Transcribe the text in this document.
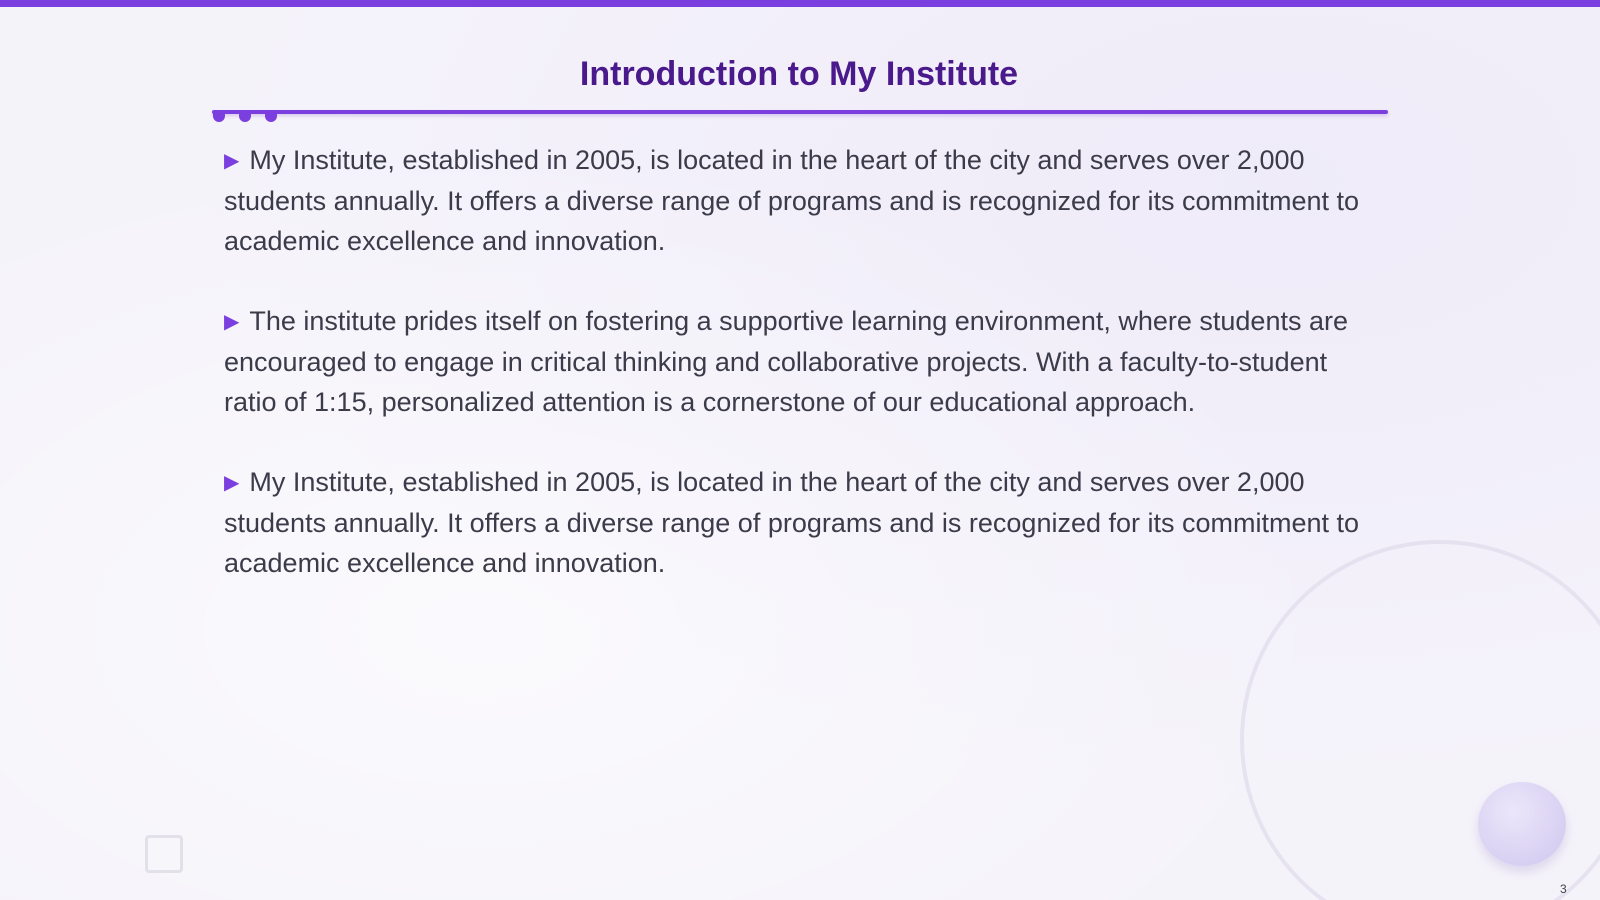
Introduction to My Institute

▶ My Institute, established in 2005, is located in the heart of the city and serves over 2,000 students annually. It offers a diverse range of programs and is recognized for its commitment to academic excellence and innovation.

▶ The institute prides itself on fostering a supportive learning environment, where students are encouraged to engage in critical thinking and collaborative projects. With a faculty-to-student ratio of 1:15, personalized attention is a cornerstone of our educational approach.

▶ My Institute, established in 2005, is located in the heart of the city and serves over 2,000 students annually. It offers a diverse range of programs and is recognized for its commitment to academic excellence and innovation.

3
